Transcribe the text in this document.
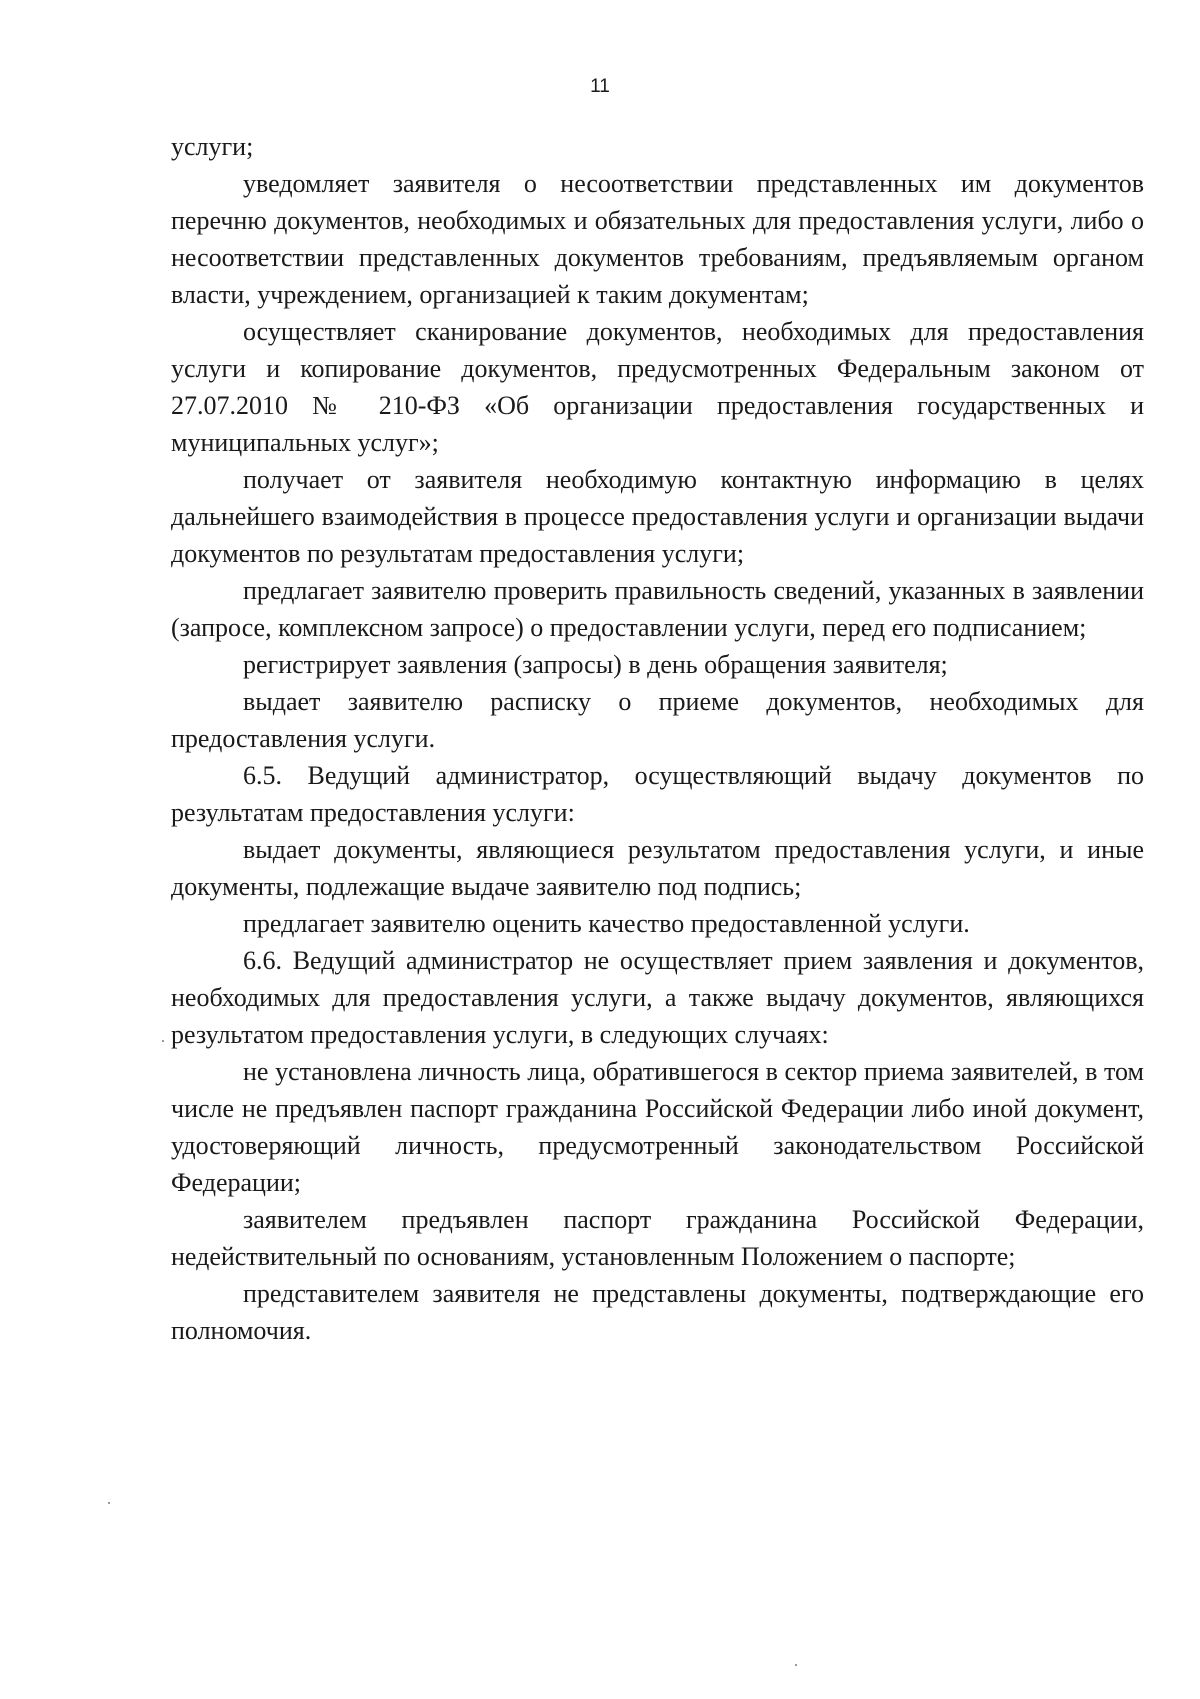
11

услуги;

уведомляет заявителя о несоответствии представленных им документов перечню документов, необходимых и обязательных для предоставления услуги, либо о несоответствии представленных документов требованиям, предъявляемым органом власти, учреждением, организацией к таким документам;

осуществляет сканирование документов, необходимых для предоставления услуги и копирование документов, предусмотренных Федеральным законом от 27.07.2010 № 210-ФЗ «Об организации предоставления государственных и муниципальных услуг»;

получает от заявителя необходимую контактную информацию в целях дальнейшего взаимодействия в процессе предоставления услуги и организации выдачи документов по результатам предоставления услуги;

предлагает заявителю проверить правильность сведений, указанных в заявлении (запросе, комплексном запросе) о предоставлении услуги, перед его подписанием;

регистрирует заявления (запросы) в день обращения заявителя;

выдает заявителю расписку о приеме документов, необходимых для предоставления услуги.

6.5. Ведущий администратор, осуществляющий выдачу документов по результатам предоставления услуги:

выдает документы, являющиеся результатом предоставления услуги, и иные документы, подлежащие выдаче заявителю под подпись;

предлагает заявителю оценить качество предоставленной услуги.

6.6. Ведущий администратор не осуществляет прием заявления и документов, необходимых для предоставления услуги, а также выдачу документов, являющихся результатом предоставления услуги, в следующих случаях:

не установлена личность лица, обратившегося в сектор приема заявителей, в том числе не предъявлен паспорт гражданина Российской Федерации либо иной документ, удостоверяющий личность, предусмотренный законодательством Российской Федерации;

заявителем предъявлен паспорт гражданина Российской Федерации, недействительный по основаниям, установленным Положением о паспорте;

представителем заявителя не представлены документы, подтверждающие его полномочия.
